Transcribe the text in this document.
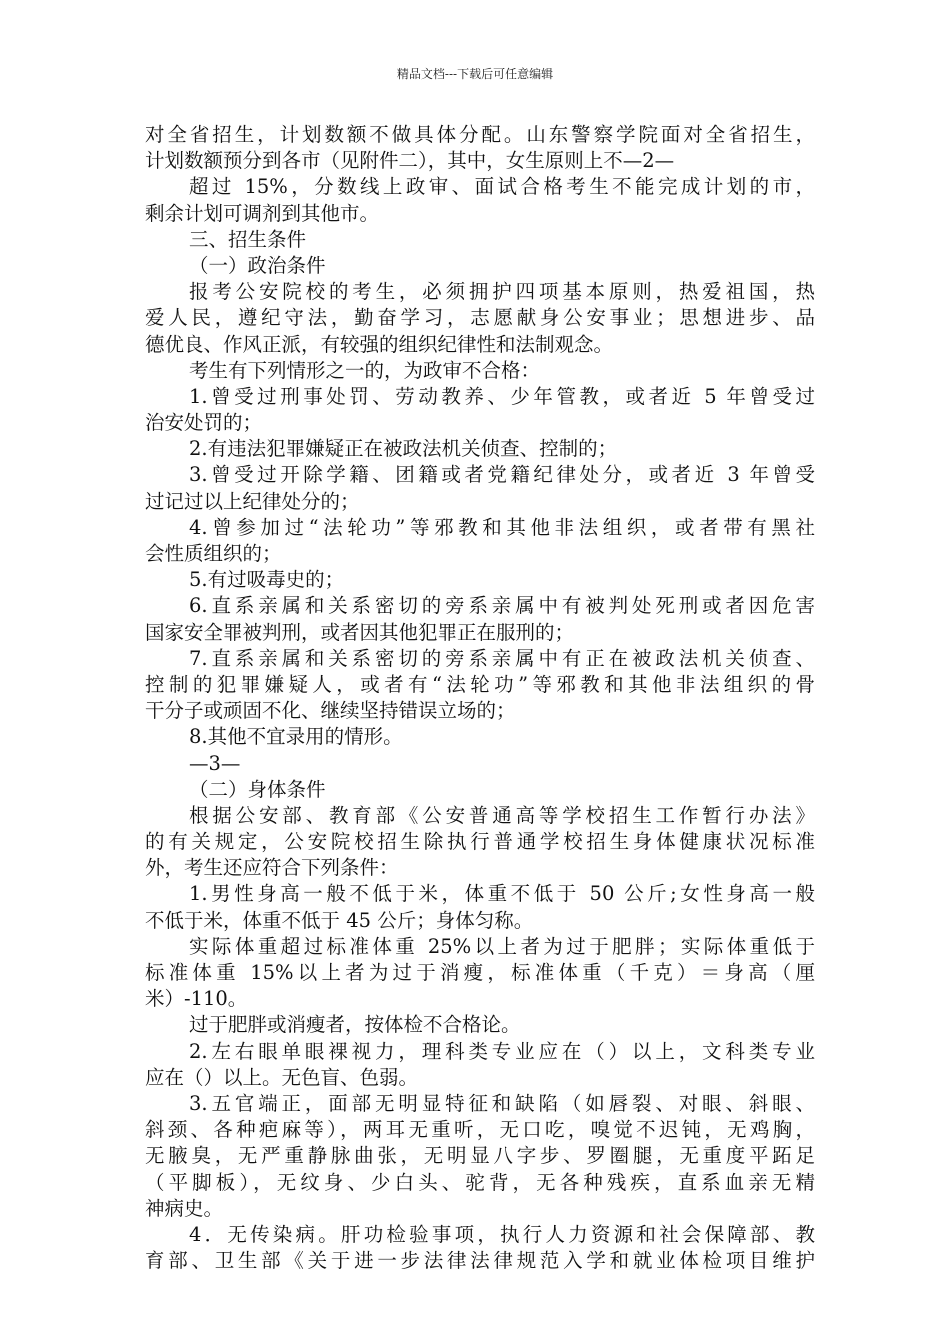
精品文档---下载后可任意编辑
对全省招生，计划数额不做具体分配。山东警察学院面对全省招生，
计划数额预分到各市（见附件二），其中，女生原则上不—2—
超过 15%，分数线上政审、面试合格考生不能完成计划的市，
剩余计划可调剂到其他市。
三、招生条件
（一）政治条件
报考公安院校的考生，必须拥护四项基本原则，热爱祖国，热
爱人民，遵纪守法，勤奋学习，志愿献身公安事业；思想进步、品
德优良、作风正派，有较强的组织纪律性和法制观念。
考生有下列情形之一的，为政审不合格：
1.曾受过刑事处罚、劳动教养、少年管教，或者近 5 年曾受过
治安处罚的；
2.有违法犯罪嫌疑正在被政法机关侦查、控制的；
3.曾受过开除学籍、团籍或者党籍纪律处分，或者近 3 年曾受
过记过以上纪律处分的；
4.曾参加过“法轮功”等邪教和其他非法组织，或者带有黑社
会性质组织的；
5.有过吸毒史的；
6.直系亲属和关系密切的旁系亲属中有被判处死刑或者因危害
国家安全罪被判刑，或者因其他犯罪正在服刑的；
7.直系亲属和关系密切的旁系亲属中有正在被政法机关侦查、
控制的犯罪嫌疑人，或者有“法轮功”等邪教和其他非法组织的骨
干分子或顽固不化、继续坚持错误立场的；
8.其他不宜录用的情形。
—3—
（二）身体条件
根据公安部、教育部《公安普通高等学校招生工作暂行办法》
的有关规定，公安院校招生除执行普通学校招生身体健康状况标准
外，考生还应符合下列条件：
1.男性身高一般不低于米，体重不低于 50 公斤;女性身高一般
不低于米，体重不低于 45 公斤；身体匀称。
实际体重超过标准体重 25%以上者为过于肥胖；实际体重低于
标准体重 15%以上者为过于消瘦，标准体重（千克）＝身高（厘
米）-110。
过于肥胖或消瘦者，按体检不合格论。
2.左右眼单眼裸视力，理科类专业应在（）以上，文科类专业
应在（）以上。无色盲、色弱。
3.五官端正，面部无明显特征和缺陷（如唇裂、对眼、斜眼、
斜颈、各种疤麻等），两耳无重听，无口吃，嗅觉不迟钝，无鸡胸，
无腋臭，无严重静脉曲张，无明显八字步、罗圈腿，无重度平跖足
（平脚板），无纹身、少白头、驼背，无各种残疾，直系血亲无精
神病史。
4．无传染病。肝功检验事项，执行人力资源和社会保障部、教
育部、卫生部《关于进一步法律法律规范入学和就业体检项目维护
